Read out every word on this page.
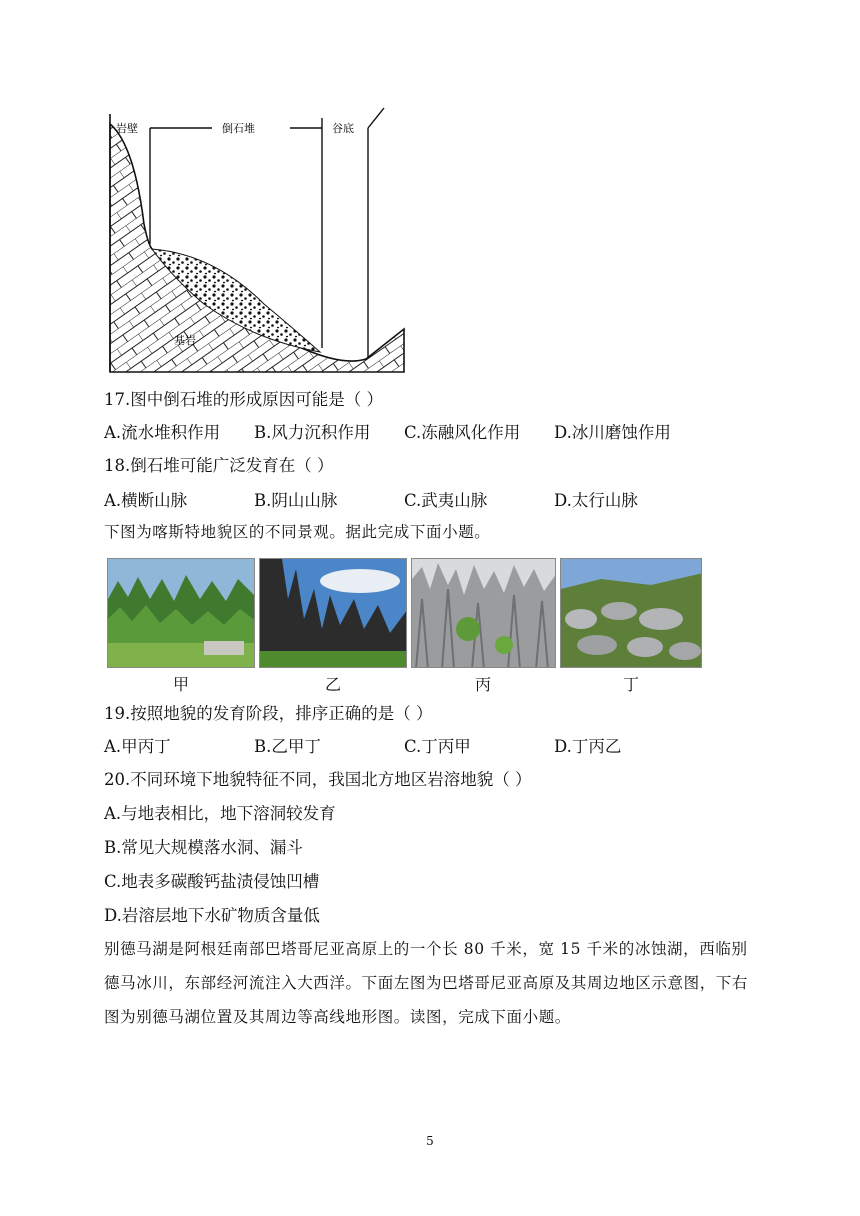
岩壁	倒石堆	谷底
基岩
17.图中倒石堆的形成原因可能是（ ）
A.流水堆积作用 B.风力沉积作用 C.冻融风化作用 D.冰川磨蚀作用
18.倒石堆可能广泛发育在（ ）
A.横断山脉	B.阴山山脉	C.武夷山脉	D.太行山脉
下图为喀斯特地貌区的不同景观。据此完成下面小题。
甲	乙	丙	丁
19.按照地貌的发育阶段，排序正确的是（ ）
A.甲丙丁	B.乙甲丁	C.丁丙甲	D.丁丙乙
20.不同环境下地貌特征不同，我国北方地区岩溶地貌（ ）
A.与地表相比，地下溶洞较发育
B.常见大规模落水洞、漏斗
C.地表多碳酸钙盐渍侵蚀凹槽
D.岩溶层地下水矿物质含量低
别德马湖是阿根廷南部巴塔哥尼亚高原上的一个长 80 千米，宽 15 千米的冰蚀湖，西临别德马冰川，东部经河流注入大西洋。下面左图为巴塔哥尼亚高原及其周边地区示意图，下右图为别德马湖位置及其周边等高线地形图。读图，完成下面小题。
5
